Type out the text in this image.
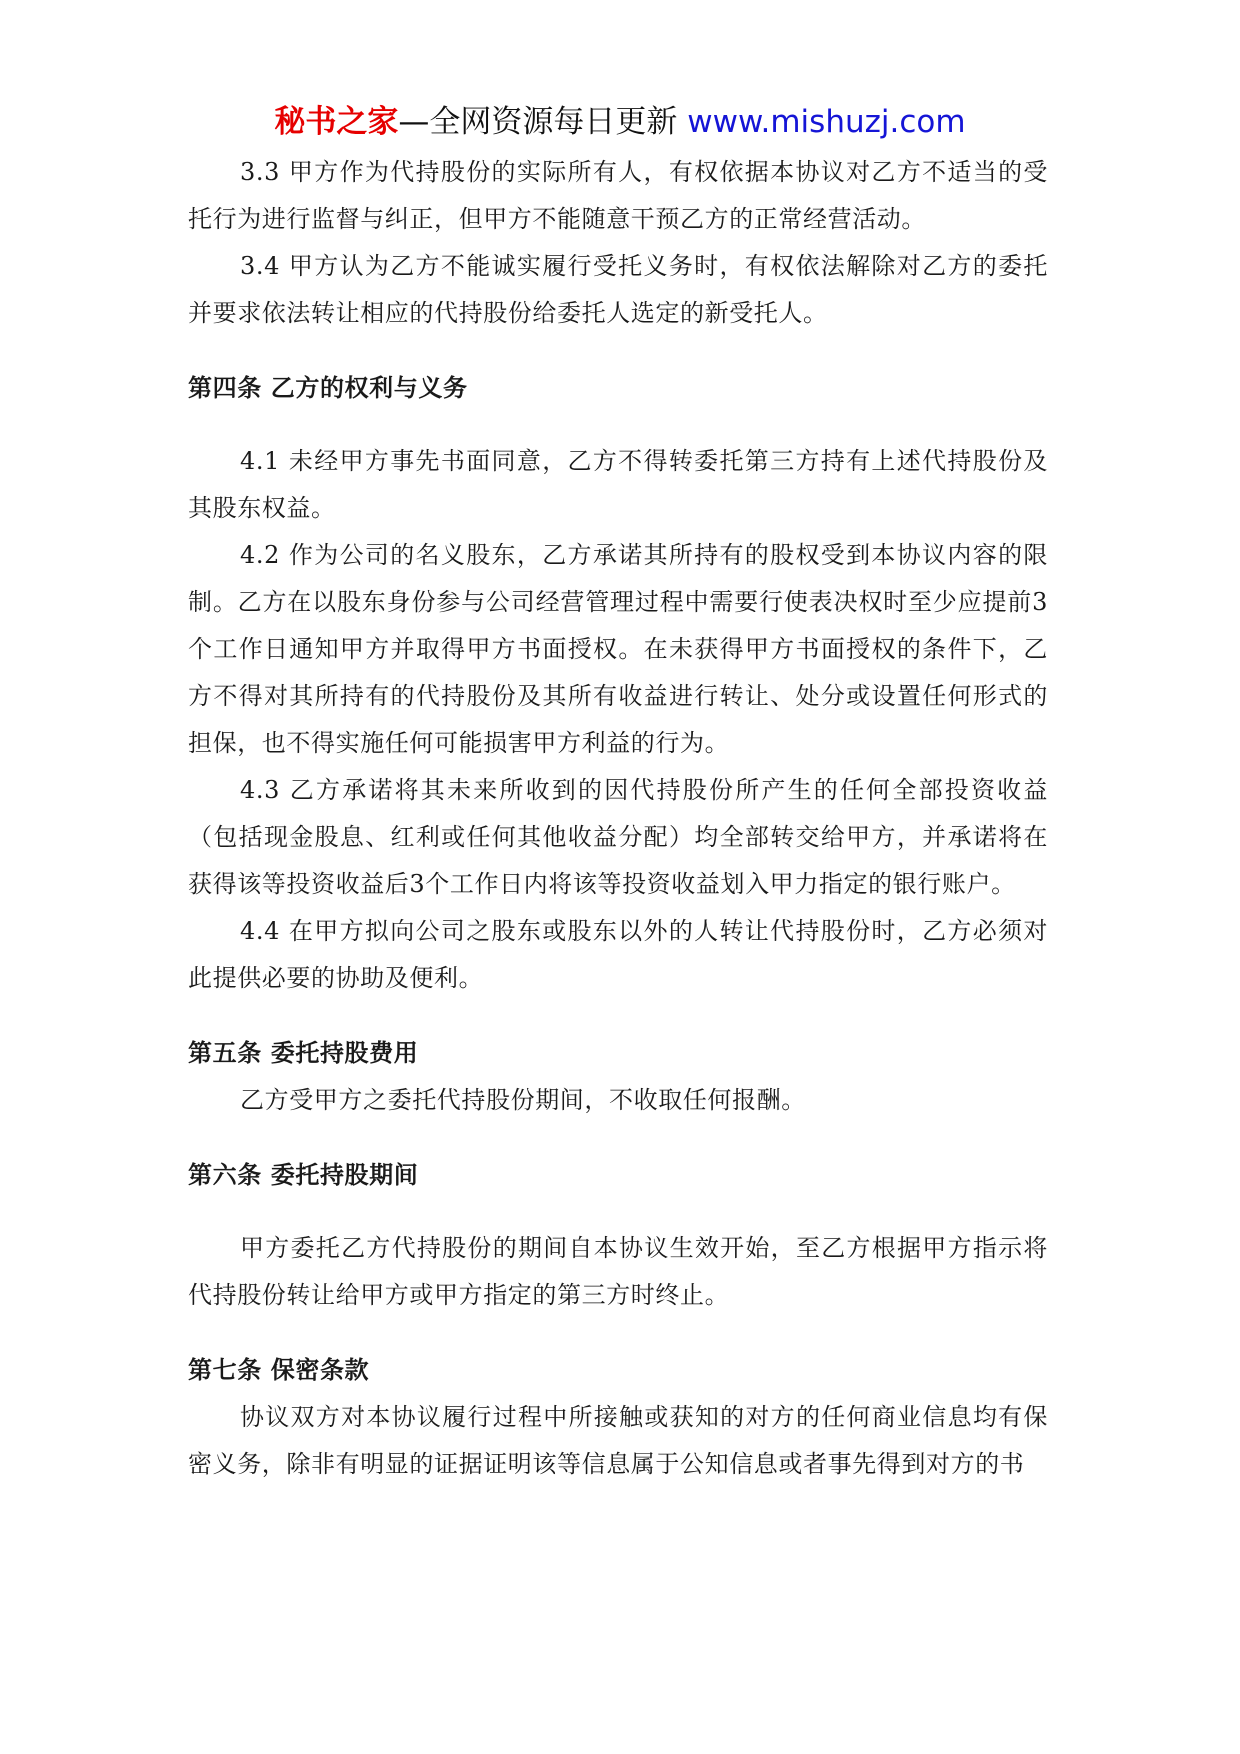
秘书之家—全网资源每日更新 www.mishuzj.com

3.3 甲方作为代持股份的实际所有人，有权依据本协议对乙方不适当的受托行为进行监督与纠正，但甲方不能随意干预乙方的正常经营活动。

3.4 甲方认为乙方不能诚实履行受托义务时，有权依法解除对乙方的委托并要求依法转让相应的代持股份给委托人选定的新受托人。

第四条 乙方的权利与义务

4.1 未经甲方事先书面同意，乙方不得转委托第三方持有上述代持股份及其股东权益。

4.2 作为公司的名义股东，乙方承诺其所持有的股权受到本协议内容的限制。乙方在以股东身份参与公司经营管理过程中需要行使表决权时至少应提前3个工作日通知甲方并取得甲方书面授权。在未获得甲方书面授权的条件下，乙方不得对其所持有的代持股份及其所有收益进行转让、处分或设置任何形式的担保，也不得实施任何可能损害甲方利益的行为。

4.3 乙方承诺将其未来所收到的因代持股份所产生的任何全部投资收益（包括现金股息、红利或任何其他收益分配）均全部转交给甲方，并承诺将在获得该等投资收益后3个工作日内将该等投资收益划入甲力指定的银行账户。

4.4 在甲方拟向公司之股东或股东以外的人转让代持股份时，乙方必须对此提供必要的协助及便利。

第五条 委托持股费用

乙方受甲方之委托代持股份期间，不收取任何报酬。

第六条 委托持股期间

甲方委托乙方代持股份的期间自本协议生效开始，至乙方根据甲方指示将代持股份转让给甲方或甲方指定的第三方时终止。

第七条 保密条款

协议双方对本协议履行过程中所接触或获知的对方的任何商业信息均有保密义务，除非有明显的证据证明该等信息属于公知信息或者事先得到对方的书
